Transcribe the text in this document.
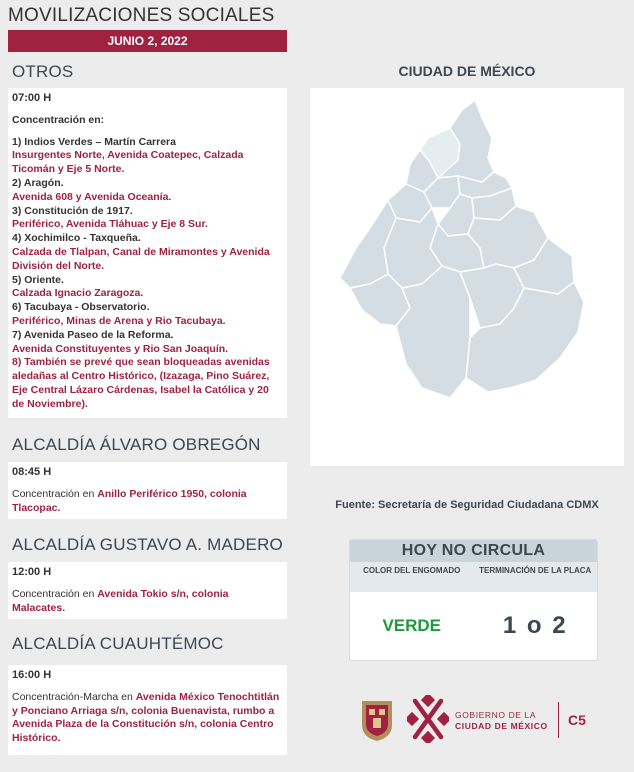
MOVILIZACIONES SOCIALES
JUNIO 2, 2022
OTROS
07:00 H
Concentración en:
1) Indios Verdes – Martín Carrera
Insurgentes Norte, Avenida Coatepec, Calzada Ticomán y Eje 5 Norte.
2) Aragón.
Avenida 608 y Avenida Oceanía.
3) Constitución de 1917.
Periférico, Avenida Tláhuac y Eje 8 Sur.
4) Xochimilco - Taxqueña.
Calzada de Tlalpan, Canal de Miramontes y Avenida División del Norte.
5) Oriente.
Calzada Ignacio Zaragoza.
6) Tacubaya - Observatorio.
Periférico, Minas de Arena y Rio Tacubaya.
7) Avenida Paseo de la Reforma.
Avenida Constituyentes y Rio San Joaquín.
8) También se prevé que sean bloqueadas avenidas aledañas al Centro Histórico, (Izazaga, Pino Suárez, Eje Central Lázaro Cárdenas, Isabel la Católica y 20 de Noviembre).
ALCALDÍA ÁLVARO OBREGÓN
08:45 H
Concentración en Anillo Periférico 1950, colonia Tlacopac.
ALCALDÍA GUSTAVO A. MADERO
12:00 H
Concentración en Avenida Tokio s/n, colonia Malacates.
ALCALDÍA CUAUHTÉMOC
16:00 H
Concentración-Marcha en Avenida México Tenochtitlán y Ponciano Arriaga s/n, colonia Buenavista, rumbo a Avenida Plaza de la Constitución s/n, colonia Centro Histórico.
CIUDAD DE MÉXICO
Fuente: Secretaría de Seguridad Ciudadana CDMX
HOY NO CIRCULA
COLOR DEL ENGOMADO	TERMINACIÓN DE LA PLACA
VERDE	1 o 2
GOBIERNO DE LA
CIUDAD DE MÉXICO C5
